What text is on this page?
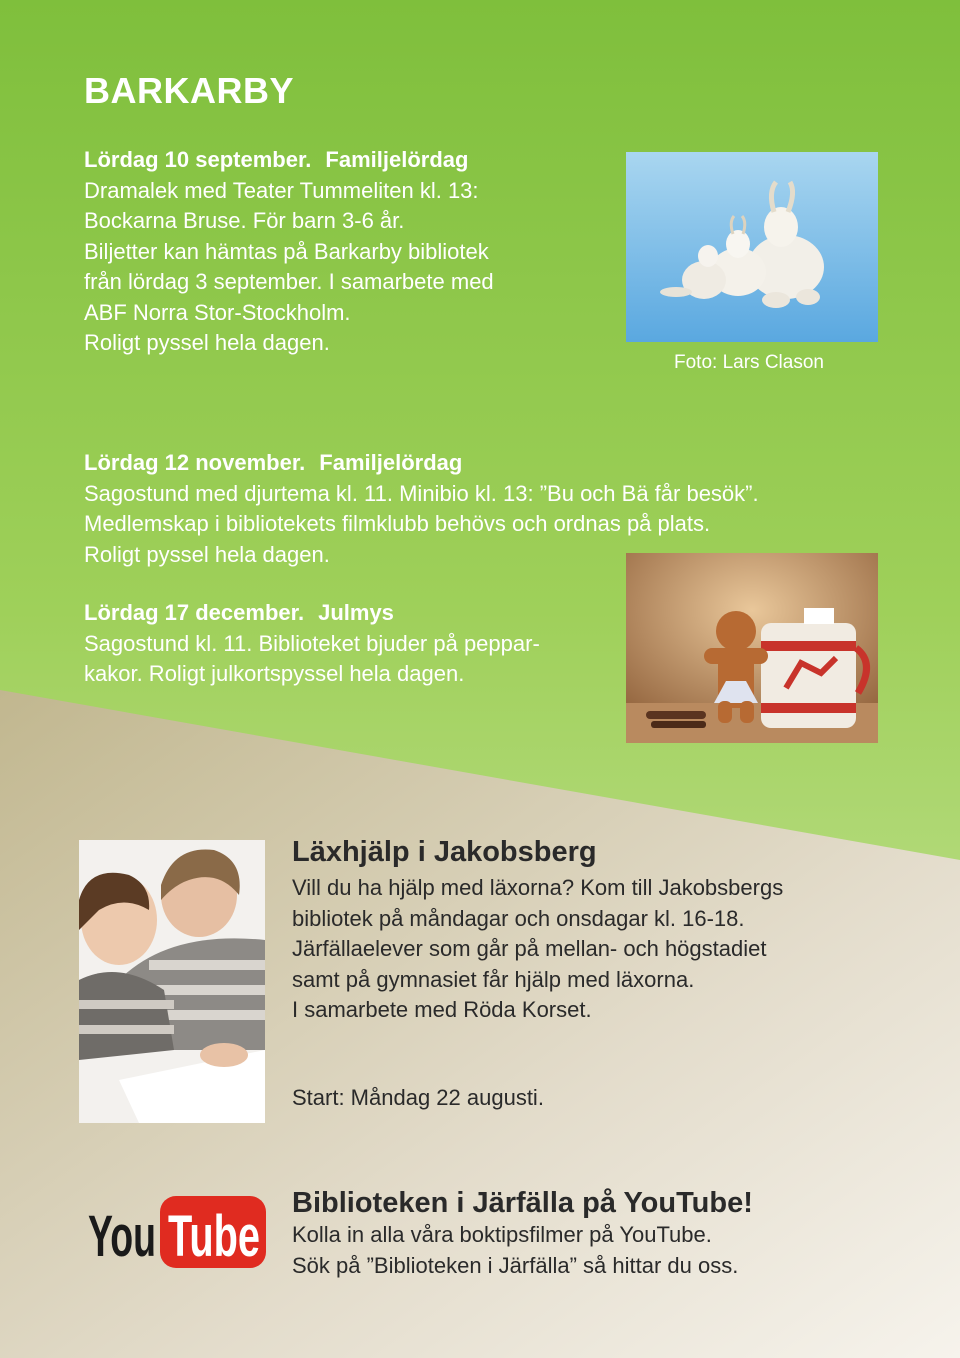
BARKARBY
Lördag 10 september. Familjelördag
Dramalek med Teater Tummeliten kl. 13:
Bockarna Bruse. För barn 3-6 år.
Biljetter kan hämtas på Barkarby bibliotek
från lördag 3 september. I samarbete med
ABF Norra Stor-Stockholm.
Roligt pyssel hela dagen.
Foto: Lars Clason
Lördag 12 november. Familjelördag
Sagostund med djurtema kl. 11. Minibio kl. 13: ”Bu och Bä får besök”.
Medlemskap i bibliotekets filmklubb behövs och ordnas på plats.
Roligt pyssel hela dagen.
Lördag 17 december. Julmys
Sagostund kl. 11. Biblioteket bjuder på peppar-
kakor. Roligt julkortspyssel hela dagen.
Läxhjälp i Jakobsberg
Vill du ha hjälp med läxorna? Kom till Jakobsbergs
bibliotek på måndagar och onsdagar kl. 16-18.
Järfällaelever som går på mellan- och högstadiet
samt på gymnasiet får hjälp med läxorna.
I samarbete med Röda Korset.
Start: Måndag 22 augusti.
You Tube
Biblioteken i Järfälla på YouTube!
Kolla in alla våra boktipsfilmer på YouTube.
Sök på ”Biblioteken i Järfälla” så hittar du oss.
